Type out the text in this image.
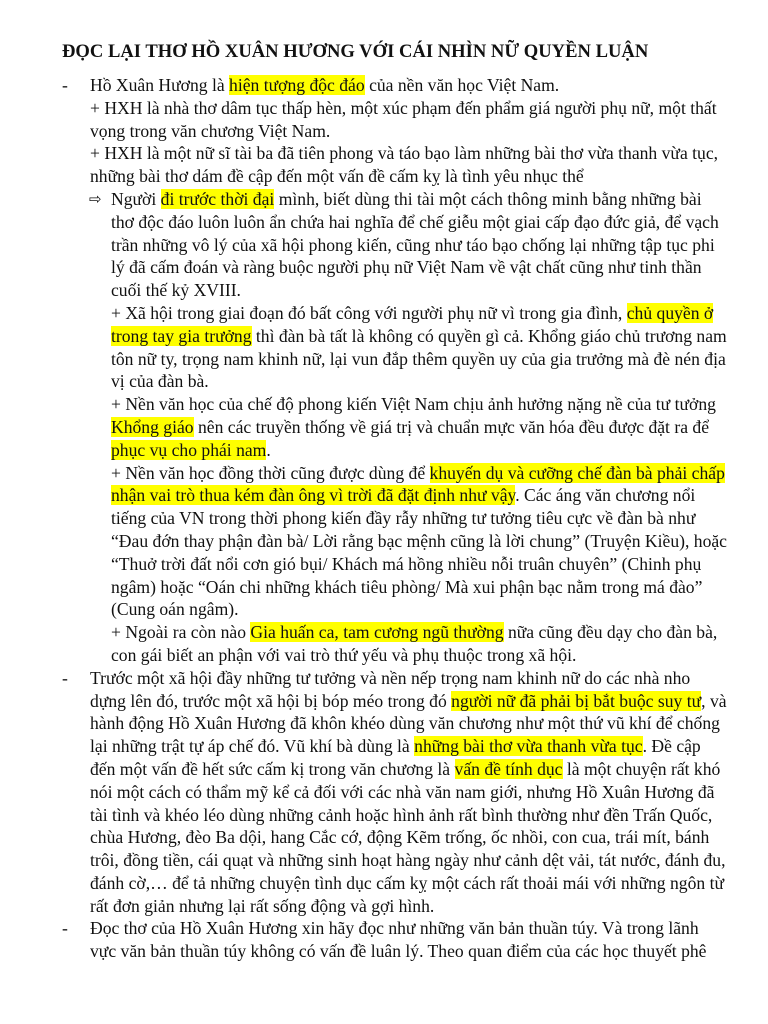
ĐỌC LẠI THƠ HỒ XUÂN HƯƠNG VỚI CÁI NHÌN NỮ QUYỀN LUẬN
- Hồ Xuân Hương là hiện tượng độc đáo của nền văn học Việt Nam.

+ HXH là nhà thơ dâm tục thấp hèn, một xúc phạm đến phẩm giá người phụ nữ, một thất vọng trong văn chương Việt Nam.

+ HXH là một nữ sĩ tài ba đã tiên phong và táo bạo làm những bài thơ vừa thanh vừa tục, những bài thơ dám đề cập đến một vấn đề cấm kỵ là tình yêu nhục thể

⇨ Người đi trước thời đại mình, biết dùng thi tài một cách thông minh bằng những bài thơ độc đáo luôn luôn ẩn chứa hai nghĩa để chế giễu một giai cấp đạo đức giả, để vạch trần những vô lý của xã hội phong kiến, cũng như táo bạo chống lại những tập tục phi lý đã cấm đoán và ràng buộc người phụ nữ Việt Nam về vật chất cũng như tinh thần cuối thế kỷ XVIII.

+ Xã hội trong giai đoạn đó bất công với người phụ nữ vì trong gia đình, chủ quyền ở trong tay gia trưởng thì đàn bà tất là không có quyền gì cả. Khổng giáo chủ trương nam tôn nữ ty, trọng nam khinh nữ, lại vun đắp thêm quyền uy của gia trưởng mà đè nén địa vị của đàn bà.

+ Nền văn học của chế độ phong kiến Việt Nam chịu ảnh hưởng nặng nề của tư tưởng Khổng giáo nên các truyền thống về giá trị và chuẩn mực văn hóa đều được đặt ra để phục vụ cho phái nam.

+ Nền văn học đồng thời cũng được dùng để khuyến dụ và cưỡng chế đàn bà phải chấp nhận vai trò thua kém đàn ông vì trời đã đặt định như vậy. Các áng văn chương nổi tiếng của VN trong thời phong kiến đầy rẫy những tư tưởng tiêu cực về đàn bà như “Đau đớn thay phận đàn bà/ Lời rằng bạc mệnh cũng là lời chung” (Truyện Kiều), hoặc “Thuở trời đất nổi cơn gió bụi/ Khách má hồng nhiều nỗi truân chuyên” (Chinh phụ ngâm) hoặc “Oán chi những khách tiêu phòng/ Mà xui phận bạc nằm trong má đào” (Cung oán ngâm).

+ Ngoài ra còn nào Gia huấn ca, tam cương ngũ thường nữa cũng đều dạy cho đàn bà, con gái biết an phận với vai trò thứ yếu và phụ thuộc trong xã hội.

- Trước một xã hội đầy những tư tưởng và nền nếp trọng nam khinh nữ do các nhà nho dựng lên đó, trước một xã hội bị bóp méo trong đó người nữ đã phải bị bắt buộc suy tư, và hành động Hồ Xuân Hương đã khôn khéo dùng văn chương như một thứ vũ khí để chống lại những trật tự áp chế đó. Vũ khí bà dùng là những bài thơ vừa thanh vừa tục. Đề cập đến một vấn đề hết sức cấm kị trong văn chương là vấn đề tính dục là một chuyện rất khó nói một cách có thẩm mỹ kể cả đối với các nhà văn nam giới, nhưng Hồ Xuân Hương đã tài tình và khéo léo dùng những cảnh hoặc hình ảnh rất bình thường như đền Trấn Quốc, chùa Hương, đèo Ba dội, hang Cắc cớ, động Kẽm trống, ốc nhồi, con cua, trái mít, bánh trôi, đồng tiền, cái quạt và những sinh hoạt hàng ngày như cảnh dệt vải, tát nước, đánh đu, đánh cờ,… để tả những chuyện tình dục cấm kỵ một cách rất thoải mái với những ngôn từ rất đơn giản nhưng lại rất sống động và gợi hình.
- Đọc thơ của Hồ Xuân Hương xin hãy đọc như những văn bản thuần túy. Và trong lãnh vực văn bản thuần túy không có vấn đề luân lý. Theo quan điểm của các học thuyết phê
